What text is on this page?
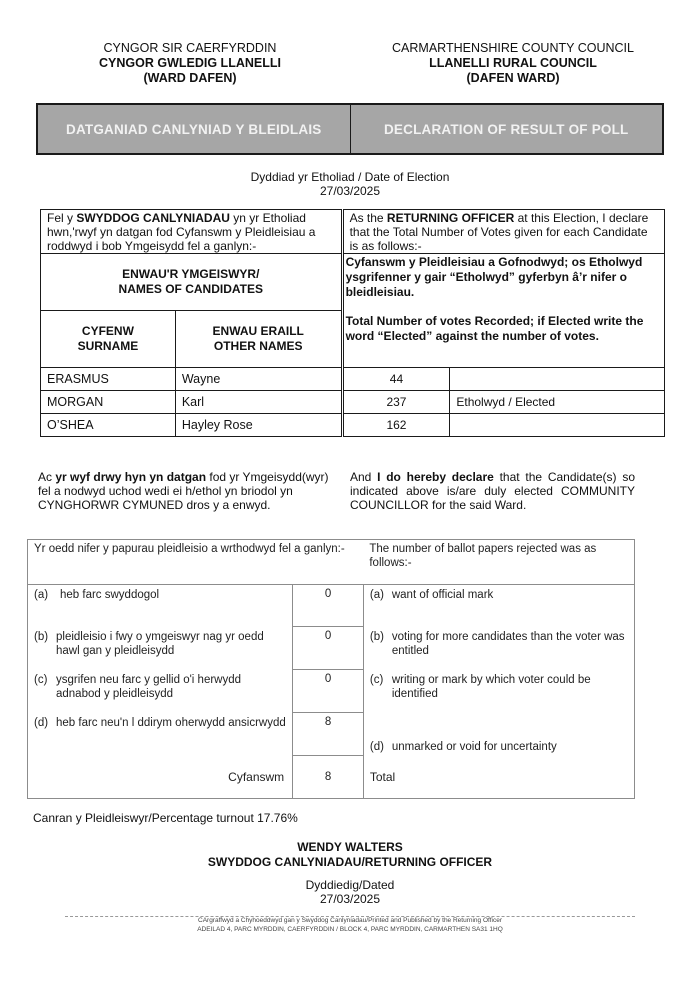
CYNGOR SIR CAERFYRDDIN
CYNGOR GWLEDIG LLANELLI
(WARD DAFEN)
CARMARTHENSHIRE COUNTY COUNCIL
LLANELLI RURAL COUNCIL
(DAFEN WARD)
DATGANIAD CANLYNIAD Y BLEIDLAIS	DECLARATION OF RESULT OF POLL
Dyddiad yr Etholiad / Date of Election
27/03/2025
Fel y SWYDDOG CANLYNIADAU yn yr Etholiad hwn,'rwyf yn datgan fod Cyfanswm y Pleidleisiau a roddwyd i bob Ymgeisydd fel a ganlyn:-		As the RETURNING OFFICER at this Election, I declare that the Total Number of Votes given for each Candidate is as follows:-	

ENWAU'R YMGEISWYR/
NAMES OF CANDIDATES

Cyfanswm y Pleidleisiau a Gofnodwyd; os Etholwyd ysgrifenner y gair “Etholwyd” gyferbyn â’r nifer o bleidleisiau.
Total Number of votes Recorded; if Elected write the word “Elected” against the number of votes.

CYFENW
SURNAME

ENWAU ERAILL
OTHER NAMES

ERASMUS	Wayne	44	
MORGAN	Karl	237	Etholwyd / Elected
O’SHEA	Hayley Rose	162	
Ac yr wyf drwy hyn yn datgan fod yr Ymgeisydd(wyr) fel a nodwyd uchod wedi ei h/ethol yn briodol yn CYNGHORWR CYMUNED dros y a enwyd.
And I do hereby declare that the Candidate(s) so indicated above is/are duly elected COMMUNITY COUNCILLOR for the said Ward.
Yr oedd nifer y papurau pleidleisio a wrthodwyd fel a ganlyn:-		The number of ballot papers rejected was as follows:-

(a) heb farc swyddogol	0	(a) want of official mark

(b) pleidleisio i fwy o ymgeiswyr nag yr oedd hawl gan y pleidleisydd	0	(b) voting for more candidates than the voter was entitled

(c) ysgrifen neu farc y gellid o'i herwydd adnabod y pleidleisydd	0	(c) writing or mark by which voter could be identified

(d) heb farc neu'n l ddirym oherwydd ansicrwydd	8	(d) unmarked or void for uncertainty

Cyfanswm	8	Total
Canran y Pleidleiswyr/Percentage turnout 17.76%
WENDY WALTERS
SWYDDOG CANLYNIADAU/RETURNING OFFICER
Dyddiedig/Dated
27/03/2025
CArgraffwyd a Chyhoeddwyd gan y Swyddog Canlyniadau/Printed and Published by the Returning Officer
ADEILAD 4, PARC MYRDDIN, CAERFYRDDIN / BLOCK 4, PARC MYRDDIN, CARMARTHEN SA31 1HQ
